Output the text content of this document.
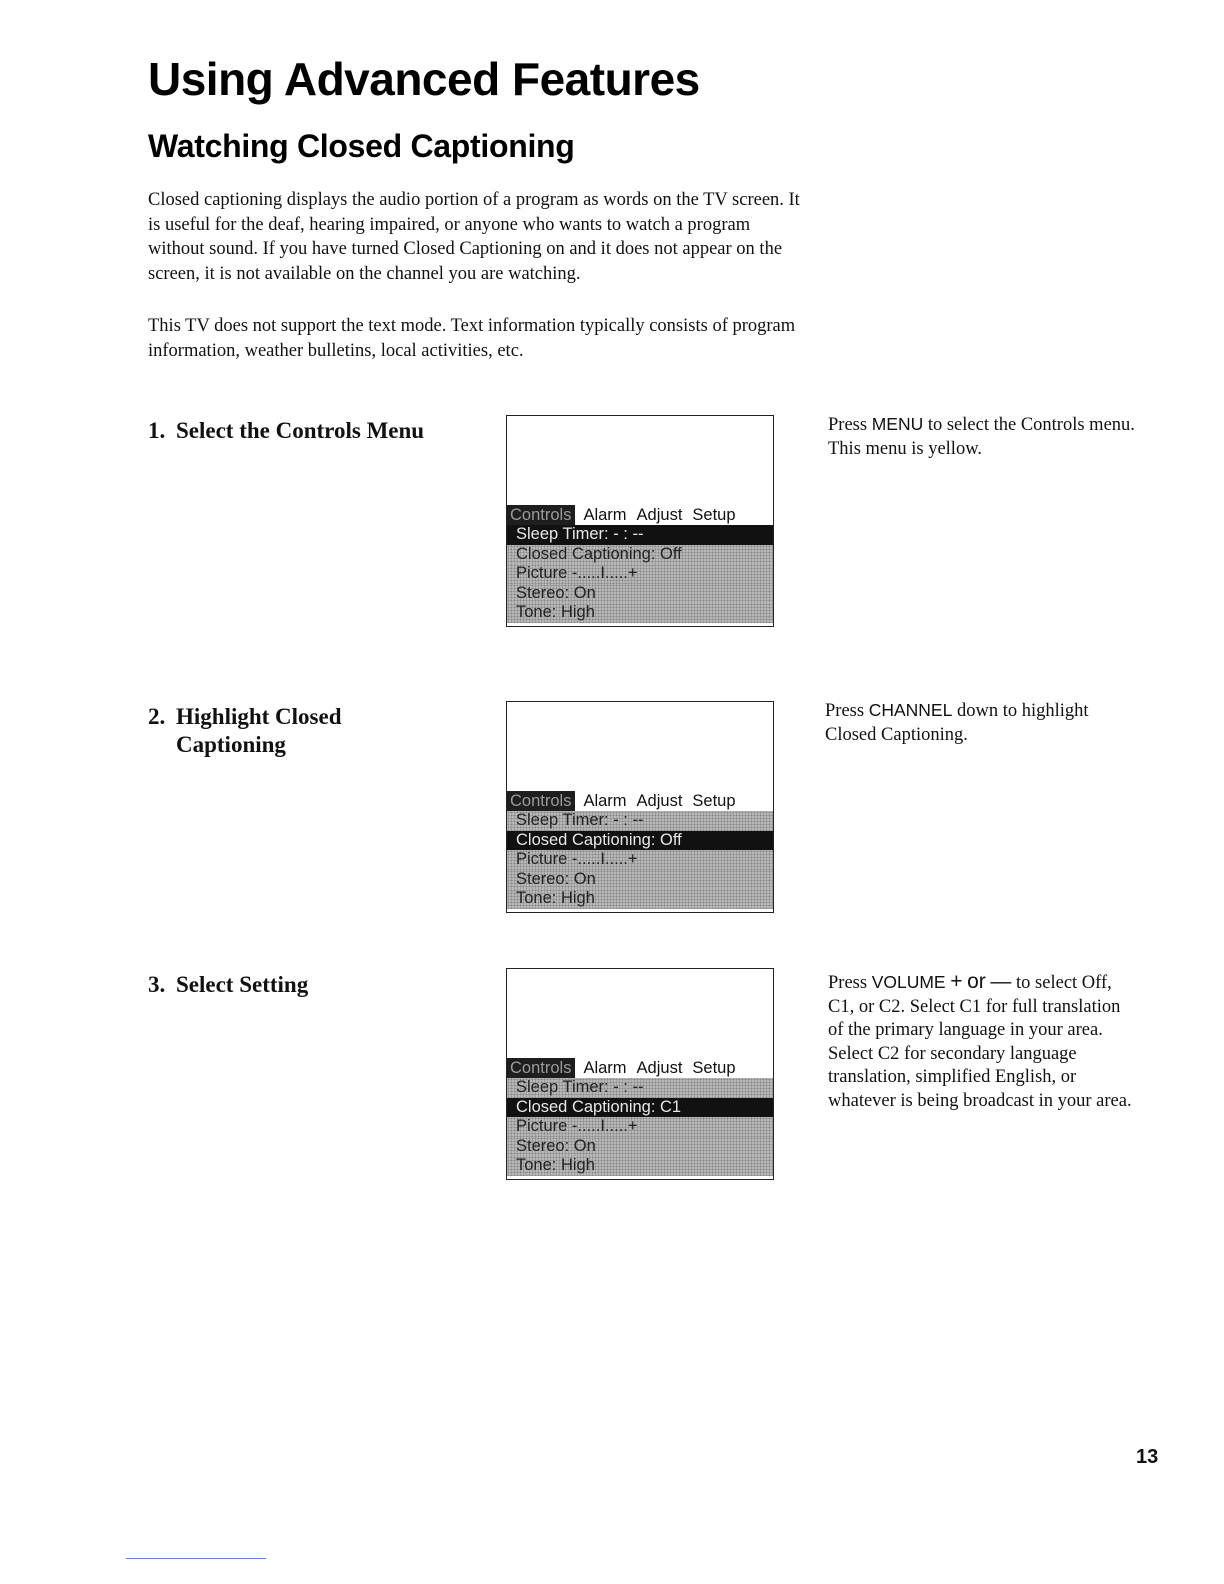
Using Advanced Features
Watching Closed Captioning

Closed captioning displays the audio portion of a program as words on the TV screen. It is useful for the deaf, hearing impaired, or anyone who wants to watch a program without sound. If you have turned Closed Captioning on and it does not appear on the screen, it is not available on the channel you are watching.

This TV does not support the text mode. Text information typically consists of program information, weather bulletins, local activities, etc.

1. Select the Controls Menu
Controls Alarm Adjust Setup
Sleep Timer: - : --
Closed Captioning: Off
Picture -.....I.....+
Stereo: On
Tone: High

Press MENU to select the Controls menu. This menu is yellow.

2. Highlight Closed
Captioning
Controls Alarm Adjust Setup
Sleep Timer: - : --
Closed Captioning: Off
Picture -.....I.....+
Stereo: On
Tone: High

Press CHANNEL down to highlight Closed Captioning.

3. Select Setting
Controls Alarm Adjust Setup
Sleep Timer: - : --
Closed Captioning: C1
Picture -.....I.....+
Stereo: On
Tone: High

Press VOLUME + or — to select Off, C1, or C2. Select C1 for full translation of the primary language in your area. Select C2 for secondary language translation, simplified English, or whatever is being broadcast in your area.

13
